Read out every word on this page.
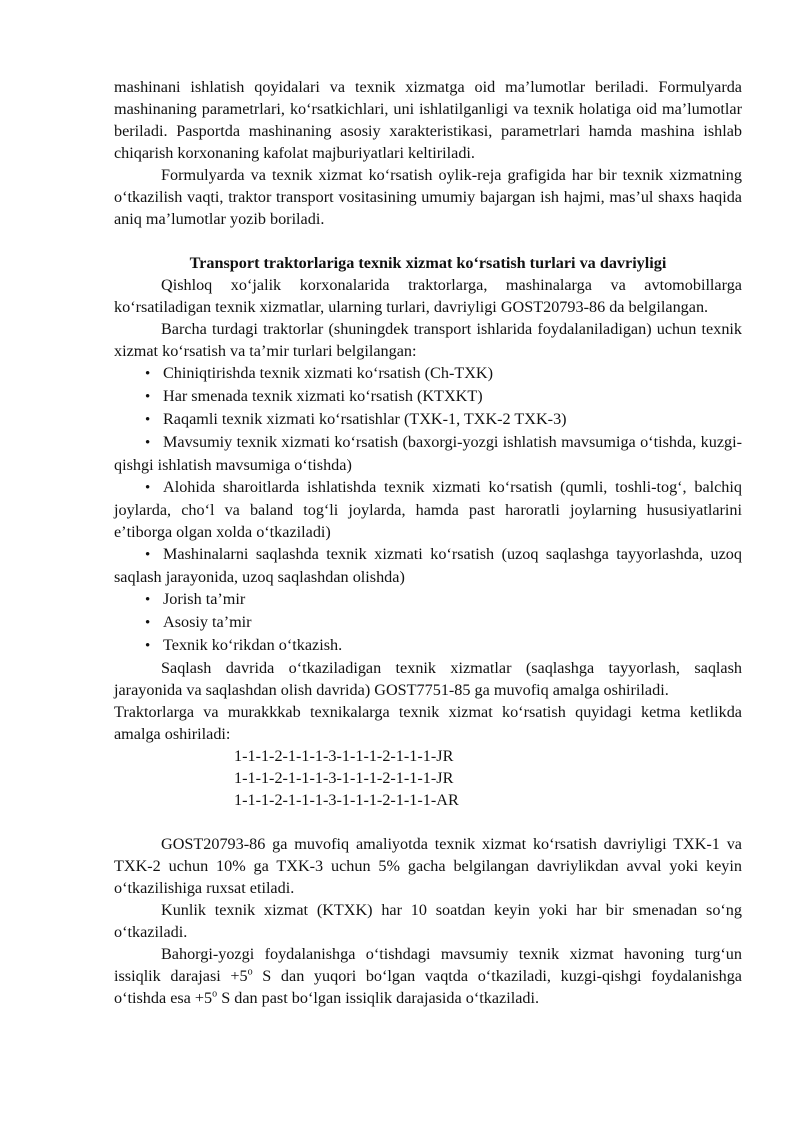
mashinani ishlatish qoyidalari va texnik xizmatga oid maʼlumotlar beriladi. Formulyarda mashinaning parametrlari, koʻrsatkichlari, uni ishlatilganligi va texnik holatiga oid maʼlumotlar beriladi. Pasportda mashinaning asosiy xarakteristikasi, parametrlari hamda mashina ishlab chiqarish korxonaning kafolat majburiyatlari keltiriladi.

Formulyarda va texnik xizmat koʻrsatish oylik-reja grafigida har bir texnik xizmatning oʻtkazilish vaqti, traktor transport vositasining umumiy bajargan ish hajmi, masʼul shaxs haqida aniq maʼlumotlar yozib boriladi.

Transport traktorlariga texnik xizmat koʻrsatish turlari va davriyligi

Qishloq xoʻjalik korxonalarida traktorlarga, mashinalarga va avtomobillarga koʻrsatiladigan texnik xizmatlar, ularning turlari, davriyligi GOST20793-86 da belgilangan.

Barcha turdagi traktorlar (shuningdek transport ishlarida foydalaniladigan) uchun texnik xizmat koʻrsatish va taʼmir turlari belgilangan:

•Chiniqtirishda texnik xizmati koʻrsatish (Ch-TXK)
•Har smenada texnik xizmati koʻrsatish (KTXKT)
•Raqamli texnik xizmati koʻrsatishlar (TXK-1, TXK-2 TXK-3)
•Mavsumiy texnik xizmati koʻrsatish (baxorgi-yozgi ishlatish mavsumiga oʻtishda, kuzgi-qishgi ishlatish mavsumiga oʻtishda)
•Alohida sharoitlarda ishlatishda texnik xizmati koʻrsatish (qumli, toshli-togʻ, balchiq joylarda, choʻl va baland togʻli joylarda, hamda past haroratli joylarning hususiyatlarini eʼtiborga olgan xolda oʻtkaziladi)
•Mashinalarni saqlashda texnik xizmati koʻrsatish (uzoq saqlashga tayyorlashda, uzoq saqlash jarayonida, uzoq saqlashdan olishda)
•Jorish taʼmir
•Asosiy taʼmir
•Texnik koʻrikdan oʻtkazish.

Saqlash davrida oʻtkaziladigan texnik xizmatlar (saqlashga tayyorlash, saqlash jarayonida va saqlashdan olish davrida) GOST7751-85 ga muvofiq amalga oshiriladi.

Traktorlarga va murakkkab texnikalarga texnik xizmat koʻrsatish quyidagi ketma ketlikda amalga oshiriladi:

1-1-1-2-1-1-1-3-1-1-1-2-1-1-1-JR

1-1-1-2-1-1-1-3-1-1-1-2-1-1-1-JR

1-1-1-2-1-1-1-3-1-1-1-2-1-1-1-AR

GOST20793-86 ga muvofiq amaliyotda texnik xizmat koʻrsatish davriyligi TXK-1 va TXK-2 uchun 10% ga TXK-3 uchun 5% gacha belgilangan davriylikdan avval yoki keyin oʻtkazilishiga ruxsat etiladi.

Kunlik texnik xizmat (KTXK) har 10 soatdan keyin yoki har bir smenadan soʻng oʻtkaziladi.

Bahorgi-yozgi foydalanishga oʻtishdagi mavsumiy texnik xizmat havoning turgʻun issiqlik darajasi $+5^o$ S dan yuqori boʻlgan vaqtda oʻtkaziladi, kuzgi-qishgi foydalanishga oʻtishda esa $+5^o$ S dan past boʻlgan issiqlik darajasida oʻtkaziladi.
